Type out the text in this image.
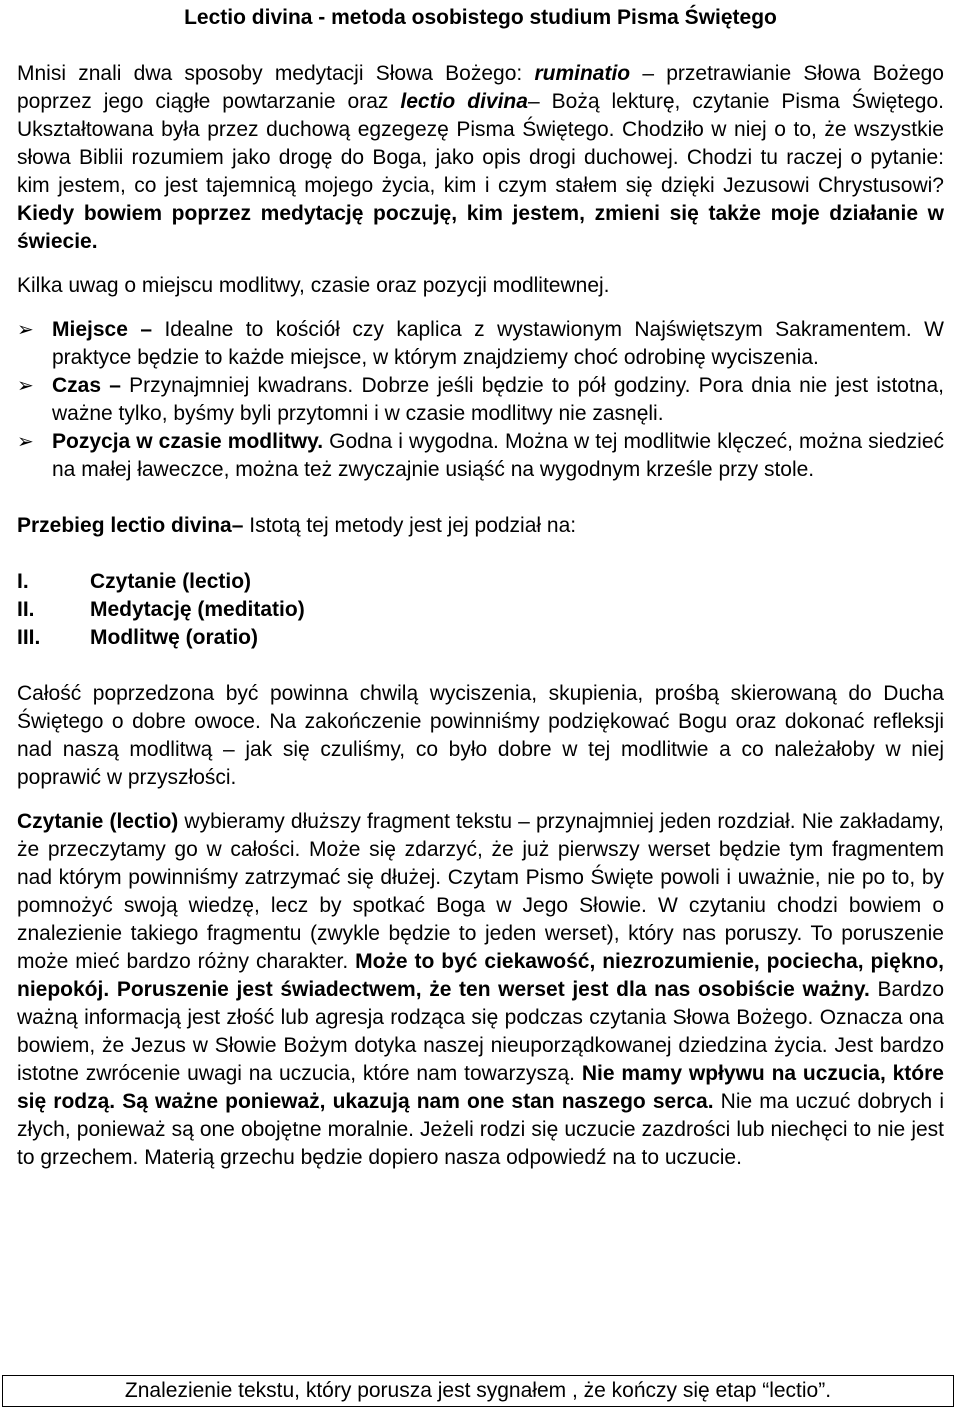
Lectio divina - metoda osobistego studium Pisma Świętego

Mnisi znali dwa sposoby medytacji Słowa Bożego: ruminatio – przetrawianie Słowa Bożego poprzez jego ciągłe powtarzanie oraz lectio divina– Bożą lekturę, czytanie Pisma Świętego. Ukształtowana była przez duchową egzegezę Pisma Świętego. Chodziło w niej o to, że wszystkie słowa Biblii rozumiem jako drogę do Boga, jako opis drogi duchowej. Chodzi tu raczej o pytanie: kim jestem, co jest tajemnicą mojego życia, kim i czym stałem się dzięki Jezusowi Chrystusowi? Kiedy bowiem poprzez medytację poczuję, kim jestem, zmieni się także moje działanie w świecie.

Kilka uwag o miejscu modlitwy, czasie oraz pozycji modlitewnej.

➢ Miejsce – Idealne to kościół czy kaplica z wystawionym Najświętszym Sakramentem. W praktyce będzie to każde miejsce, w którym znajdziemy choć odrobinę wyciszenia.
➢ Czas – Przynajmniej kwadrans. Dobrze jeśli będzie to pół godziny. Pora dnia nie jest istotna, ważne tylko, byśmy byli przytomni i w czasie modlitwy nie zasnęli.
➢ Pozycja w czasie modlitwy. Godna i wygodna. Można w tej modlitwie klęczeć, można siedzieć na małej ławeczce, można też zwyczajnie usiąść na wygodnym krześle przy stole.

Przebieg lectio divina– Istotą tej metody jest jej podział na:

I.	Czytanie (lectio)
II.	Medytację (meditatio)
III.	Modlitwę (oratio)

Całość poprzedzona być powinna chwilą wyciszenia, skupienia, prośbą skierowaną do Ducha Świętego o dobre owoce. Na zakończenie powinniśmy podziękować Bogu oraz dokonać refleksji nad naszą modlitwą – jak się czuliśmy, co było dobre w tej modlitwie a co należałoby w niej poprawić w przyszłości.

Czytanie (lectio) wybieramy dłuższy fragment tekstu – przynajmniej jeden rozdział. Nie zakładamy, że przeczytamy go w całości. Może się zdarzyć, że już pierwszy werset będzie tym fragmentem nad którym powinniśmy zatrzymać się dłużej. Czytam Pismo Święte powoli i uważnie, nie po to, by pomnożyć swoją wiedzę, lecz by spotkać Boga w Jego Słowie. W czytaniu chodzi bowiem o znalezienie takiego fragmentu (zwykle będzie to jeden werset), który nas poruszy. To poruszenie może mieć bardzo różny charakter. Może to być ciekawość, niezrozumienie, pociecha, piękno, niepokój. Poruszenie jest świadectwem, że ten werset jest dla nas osobiście ważny. Bardzo ważną informacją jest złość lub agresja rodząca się podczas czytania Słowa Bożego. Oznacza ona bowiem, że Jezus w Słowie Bożym dotyka naszej nieuporządkowanej dziedzina życia. Jest bardzo istotne zwrócenie uwagi na uczucia, które nam towarzyszą. Nie mamy wpływu na uczucia, które się rodzą. Są ważne ponieważ, ukazują nam one stan naszego serca. Nie ma uczuć dobrych i złych, ponieważ są one obojętne moralnie. Jeżeli rodzi się uczucie zazdrości lub niechęci to nie jest to grzechem. Materią grzechu będzie dopiero nasza odpowiedź na to uczucie.

Znalezienie tekstu, który porusza jest sygnałem , że kończy się etap “lectio”.
